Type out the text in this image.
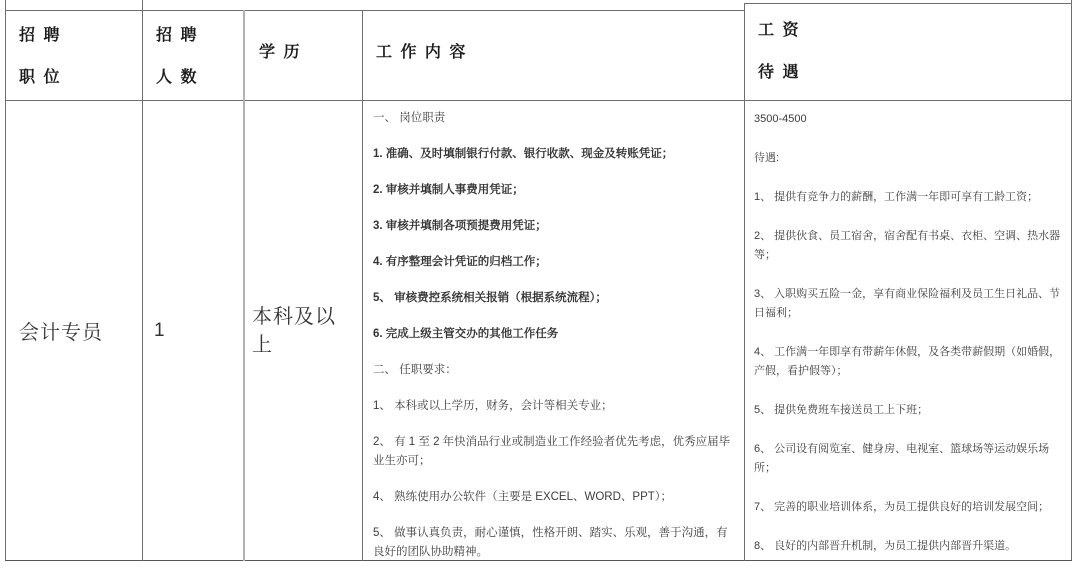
招 聘
职 位
招 聘
人 数
学 历	工 作 内 容
工 资
待 遇
会计专员	1
本科及以上

一、 岗位职责

1. 准确、及时填制银行付款、银行收款、现金及转账凭证；

2. 审核并填制人事费用凭证；

3. 审核并填制各项预提费用凭证；

4. 有序整理会计凭证的归档工作；

5、 审核费控系统相关报销（根据系统流程）；

6. 完成上级主管交办的其他工作任务

二、 任职要求：

1、 本科或以上学历，财务，会计等相关专业；

2、 有 1 至 2 年快消品行业或制造业工作经验者优先考虑，优秀应届毕业生亦可；

4、 熟练使用办公软件（主要是 EXCEL、WORD、PPT）；

5、 做事认真负责，耐心谨慎，性格开朗、踏实、乐观，善于沟通，有良好的团队协助精神。

3500-4500

待遇:

1、 提供有竞争力的薪酬，工作满一年即可享有工龄工资；

2、 提供伙食、员工宿舍，宿舍配有书桌、衣柜、空调、热水器等；

3、 入职购买五险一金，享有商业保险福利及员工生日礼品、节日福利；

4、 工作满一年即享有带薪年休假，及各类带薪假期（如婚假，产假，看护假等）；

5、 提供免费班车接送员工上下班；

6、 公司设有阅览室、健身房、电视室、篮球场等运动娱乐场所；

7、 完善的职业培训体系，为员工提供良好的培训发展空间；

8、 良好的内部晋升机制，为员工提供内部晋升渠道。
